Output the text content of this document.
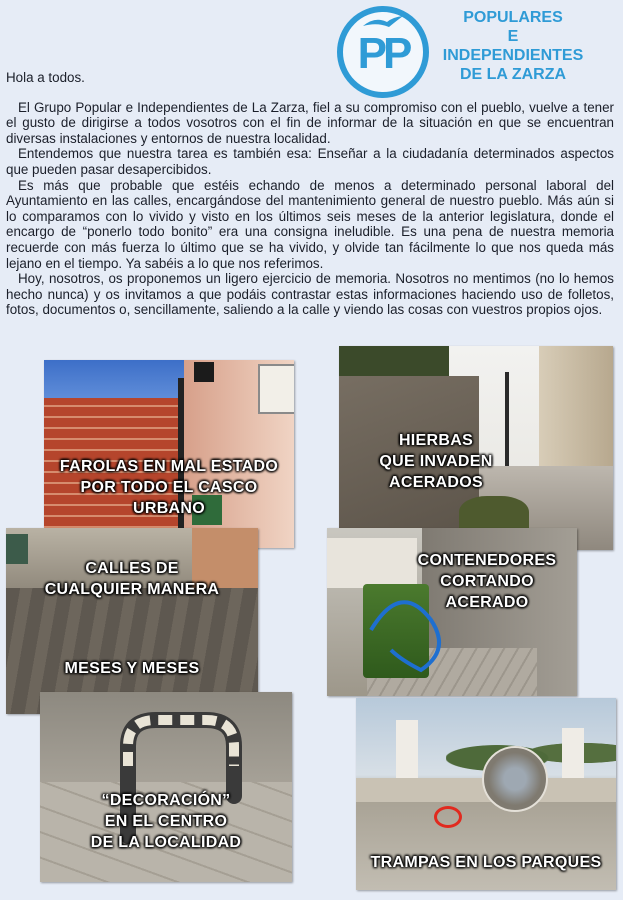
PP
POPULARES
E
INDEPENDIENTES
DE LA ZARZA

Hola a todos.

El Grupo Popular e Independientes de La Zarza, fiel a su compromiso con el pueblo, vuelve a tener el gusto de dirigirse a todos vosotros con el fin de informar de la situación en que se encuentran diversas instalaciones y entornos de nuestra localidad.

Entendemos que nuestra tarea es también esa: Enseñar a la ciudadanía determinados aspectos que pueden pasar desapercibidos.

Es más que probable que estéis echando de menos a determinado personal laboral del Ayuntamiento en las calles, encargándose del mantenimiento general de nuestro pueblo. Más aún si lo comparamos con lo vivido y visto en los últimos seis meses de la anterior legislatura, donde el encargo de “ponerlo todo bonito” era una consigna ineludible. Es una pena de nuestra memoria recuerde con más fuerza lo último que se ha vivido, y olvide tan fácilmente lo que nos queda más lejano en el tiempo. Ya sabéis a lo que nos referimos.

Hoy, nosotros, os proponemos un ligero ejercicio de memoria. Nosotros no mentimos (no lo hemos hecho nunca) y os invitamos a que podáis contrastar estas informaciones haciendo uso de folletos, fotos, documentos o, sencillamente, saliendo a la calle y viendo las cosas con vuestros propios ojos.

FAROLAS EN MAL ESTADO
POR TODO EL CASCO
URBANO
HIERBAS
QUE INVADEN
ACERADOS
CALLES DE
CUALQUIER MANERA
MESES Y MESES
CONTENEDORES
CORTANDO
ACERADO
“DECORACIÓN”
EN EL CENTRO
DE LA LOCALIDAD
TRAMPAS EN LOS PARQUES
